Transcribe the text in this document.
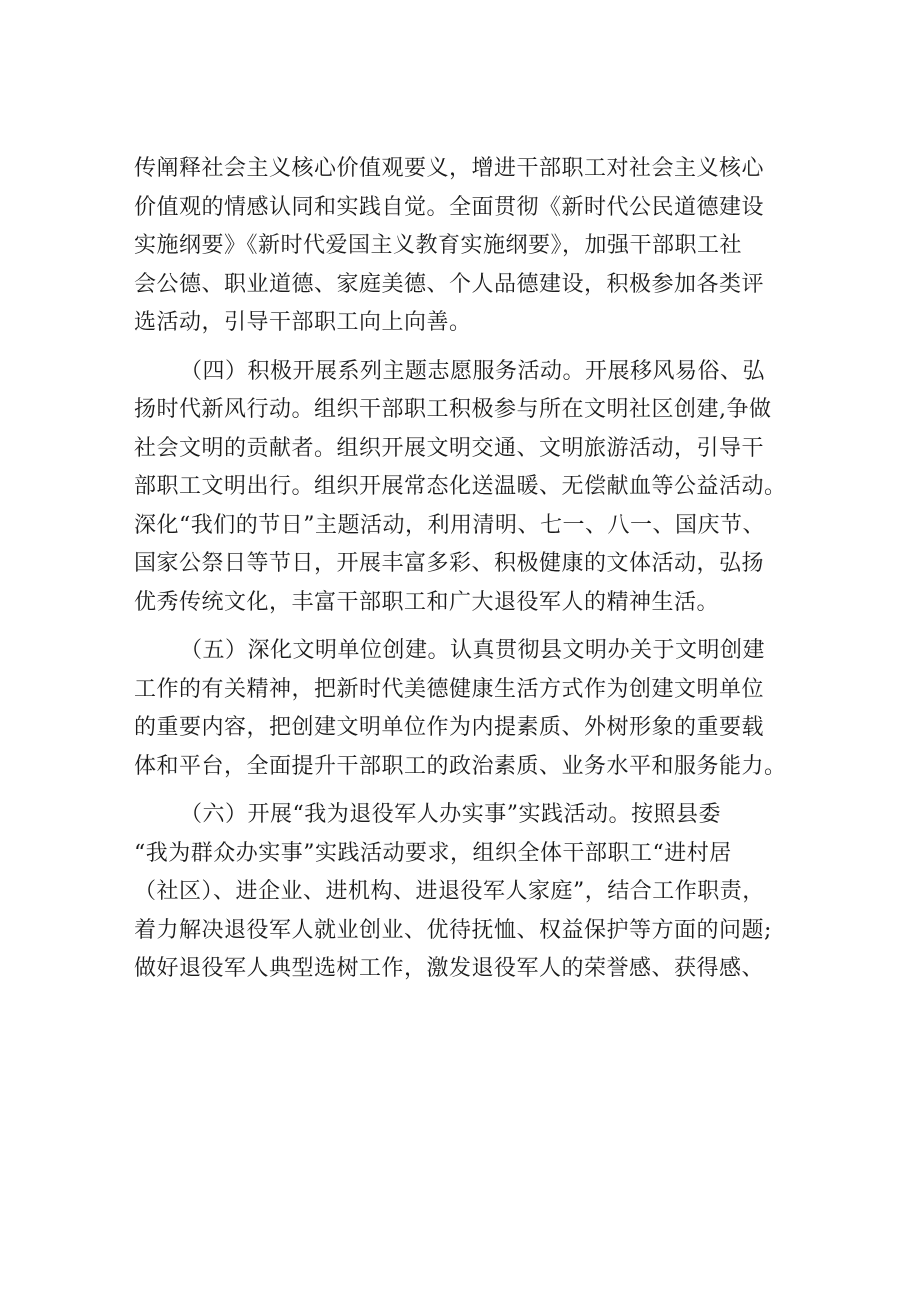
传阐释社会主义核心价值观要义，增进干部职工对社会主义核心
价值观的情感认同和实践自觉。全面贯彻《新时代公民道德建设
实施纲要》《新时代爱国主义教育实施纲要》，加强干部职工社
会公德、职业道德、家庭美德、个人品德建设，积极参加各类评
选活动，引导干部职工向上向善。
（四）积极开展系列主题志愿服务活动。开展移风易俗、弘
扬时代新风行动。组织干部职工积极参与所在文明社区创建,争做
社会文明的贡献者。组织开展文明交通、文明旅游活动，引导干
部职工文明出行。组织开展常态化送温暖、无偿献血等公益活动。
深化“我们的节日”主题活动，利用清明、七一、八一、国庆节、
国家公祭日等节日，开展丰富多彩、积极健康的文体活动，弘扬
优秀传统文化，丰富干部职工和广大退役军人的精神生活。
（五）深化文明单位创建。认真贯彻县文明办关于文明创建
工作的有关精神，把新时代美德健康生活方式作为创建文明单位
的重要内容，把创建文明单位作为内提素质、外树形象的重要载
体和平台，全面提升干部职工的政治素质、业务水平和服务能力。
（六）开展“我为退役军人办实事”实践活动。按照县委
“我为群众办实事”实践活动要求，组织全体干部职工“进村居
（社区）、进企业、进机构、进退役军人家庭”，结合工作职责，
着力解决退役军人就业创业、优待抚恤、权益保护等方面的问题;
做好退役军人典型选树工作，激发退役军人的荣誉感、获得感、
